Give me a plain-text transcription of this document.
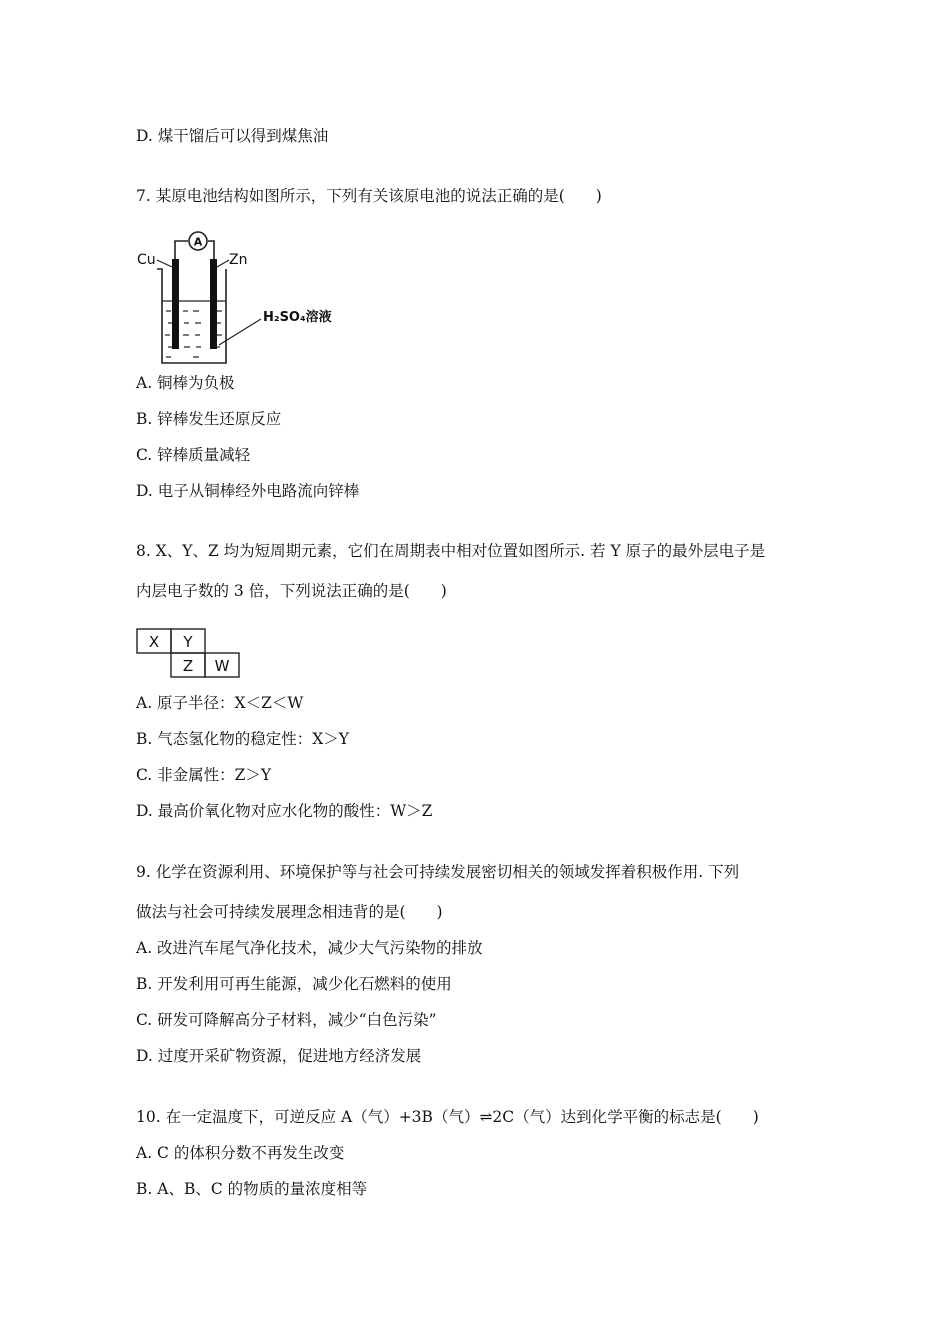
D. 煤干馏后可以得到煤焦油
7. 某原电池结构如图所示，下列有关该原电池的说法正确的是(　　)
A
Cu	Zn
H₂SO₄溶液
A. 铜棒为负极
B. 锌棒发生还原反应
C. 锌棒质量减轻
D. 电子从铜棒经外电路流向锌棒
8. X、Y、Z 均为短周期元素，它们在周期表中相对位置如图所示. 若 Y 原子的最外层电子是
内层电子数的 3 倍，下列说法正确的是(　　)
X Y
Z W
A. 原子半径：X＜Z＜W
B. 气态氢化物的稳定性：X＞Y
C. 非金属性：Z＞Y
D. 最高价氧化物对应水化物的酸性：W＞Z
9. 化学在资源利用、环境保护等与社会可持续发展密切相关的领域发挥着积极作用. 下列
做法与社会可持续发展理念相违背的是(　　)
A. 改进汽车尾气净化技术，减少大气污染物的排放
B. 开发利用可再生能源，减少化石燃料的使用
C. 研发可降解高分子材料，减少“白色污染”
D. 过度开采矿物资源，促进地方经济发展
10. 在一定温度下，可逆反应 A（气）+3B（气）⇌2C（气）达到化学平衡的标志是(　　)
A. C 的体积分数不再发生改变
B. A、B、C 的物质的量浓度相等
